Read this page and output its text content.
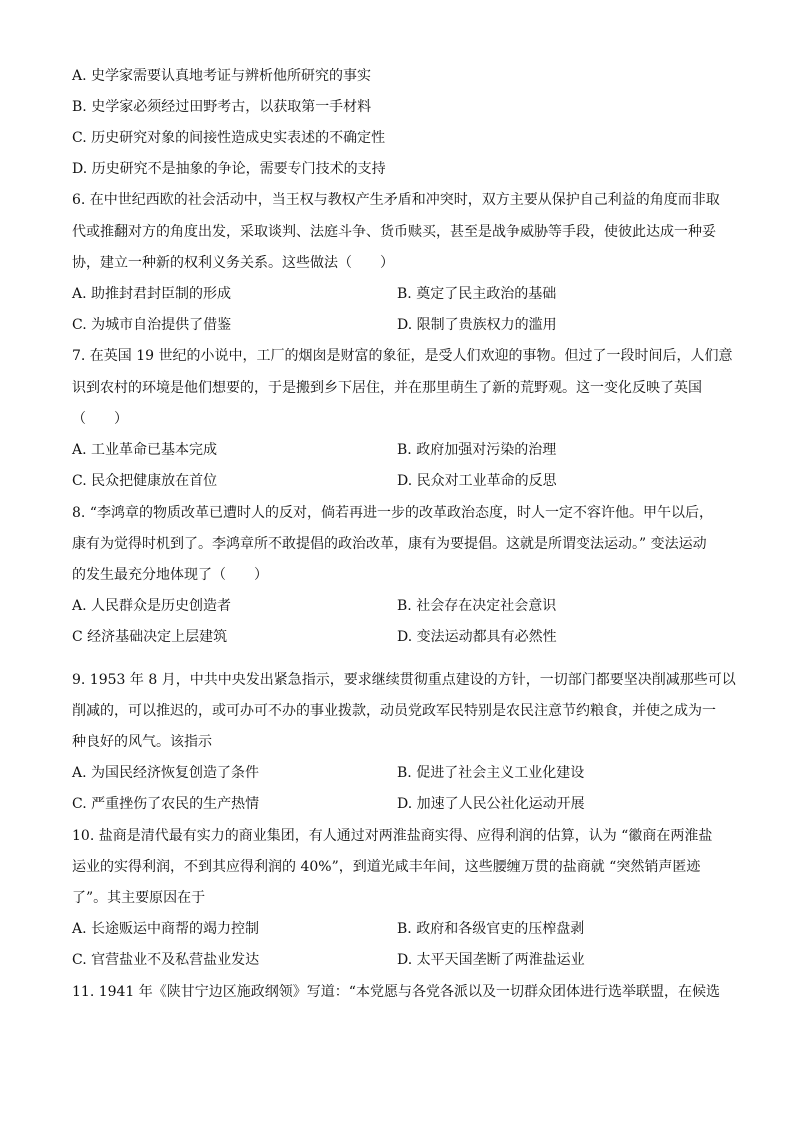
A. 史学家需要认真地考证与辨析他所研究的事实
B. 史学家必须经过田野考古，以获取第一手材料
C. 历史研究对象的间接性造成史实表述的不确定性
D. 历史研究不是抽象的争论，需要专门技术的支持
6. 在中世纪西欧的社会活动中，当王权与教权产生矛盾和冲突时，双方主要从保护自己利益的角度而非取
代或推翻对方的角度出发，采取谈判、法庭斗争、货币赎买，甚至是战争威胁等手段，使彼此达成一种妥
协，建立一种新的权利义务关系。这些做法（　　）
A. 助推封君封臣制的形成	B. 奠定了民主政治的基础
C. 为城市自治提供了借鉴	D. 限制了贵族权力的滥用
7. 在英国 19 世纪的小说中，工厂的烟囱是财富的象征，是受人们欢迎的事物。但过了一段时间后，人们意
识到农村的环境是他们想要的，于是搬到乡下居住，并在那里萌生了新的荒野观。这一变化反映了英国
（　　）
A. 工业革命已基本完成	B. 政府加强对污染的治理
C. 民众把健康放在首位	D. 民众对工业革命的反思
8. “李鸿章的物质改革已遭时人的反对，倘若再进一步的改革政治态度，时人一定不容许他。甲午以后，
康有为觉得时机到了。李鸿章所不敢提倡的政治改革，康有为要提倡。这就是所谓变法运动。” 变法运动
的发生最充分地体现了（　　）
A. 人民群众是历史创造者	B. 社会存在决定社会意识
C 经济基础决定上层建筑	D. 变法运动都具有必然性
9. 1953 年 8 月，中共中央发出紧急指示，要求继续贯彻重点建设的方针，一切部门都要坚决削减那些可以
削减的，可以推迟的，或可办可不办的事业拨款，动员党政军民特别是农民注意节约粮食，并使之成为一
种良好的风气。该指示
A. 为国民经济恢复创造了条件	B. 促进了社会主义工业化建设
C. 严重挫伤了农民的生产热情	D. 加速了人民公社化运动开展
10. 盐商是清代最有实力的商业集团，有人通过对两淮盐商实得、应得利润的估算，认为 “徽商在两淮盐
运业的实得利润，不到其应得利润的 40%”，到道光咸丰年间，这些腰缠万贯的盐商就 “突然销声匿迹
了”。其主要原因在于
A. 长途贩运中商帮的竭力控制	B. 政府和各级官吏的压榨盘剥
C. 官营盐业不及私营盐业发达	D. 太平天国垄断了两淮盐运业
11. 1941 年《陕甘宁边区施政纲领》写道：“本党愿与各党各派以及一切群众团体进行选举联盟，在候选
